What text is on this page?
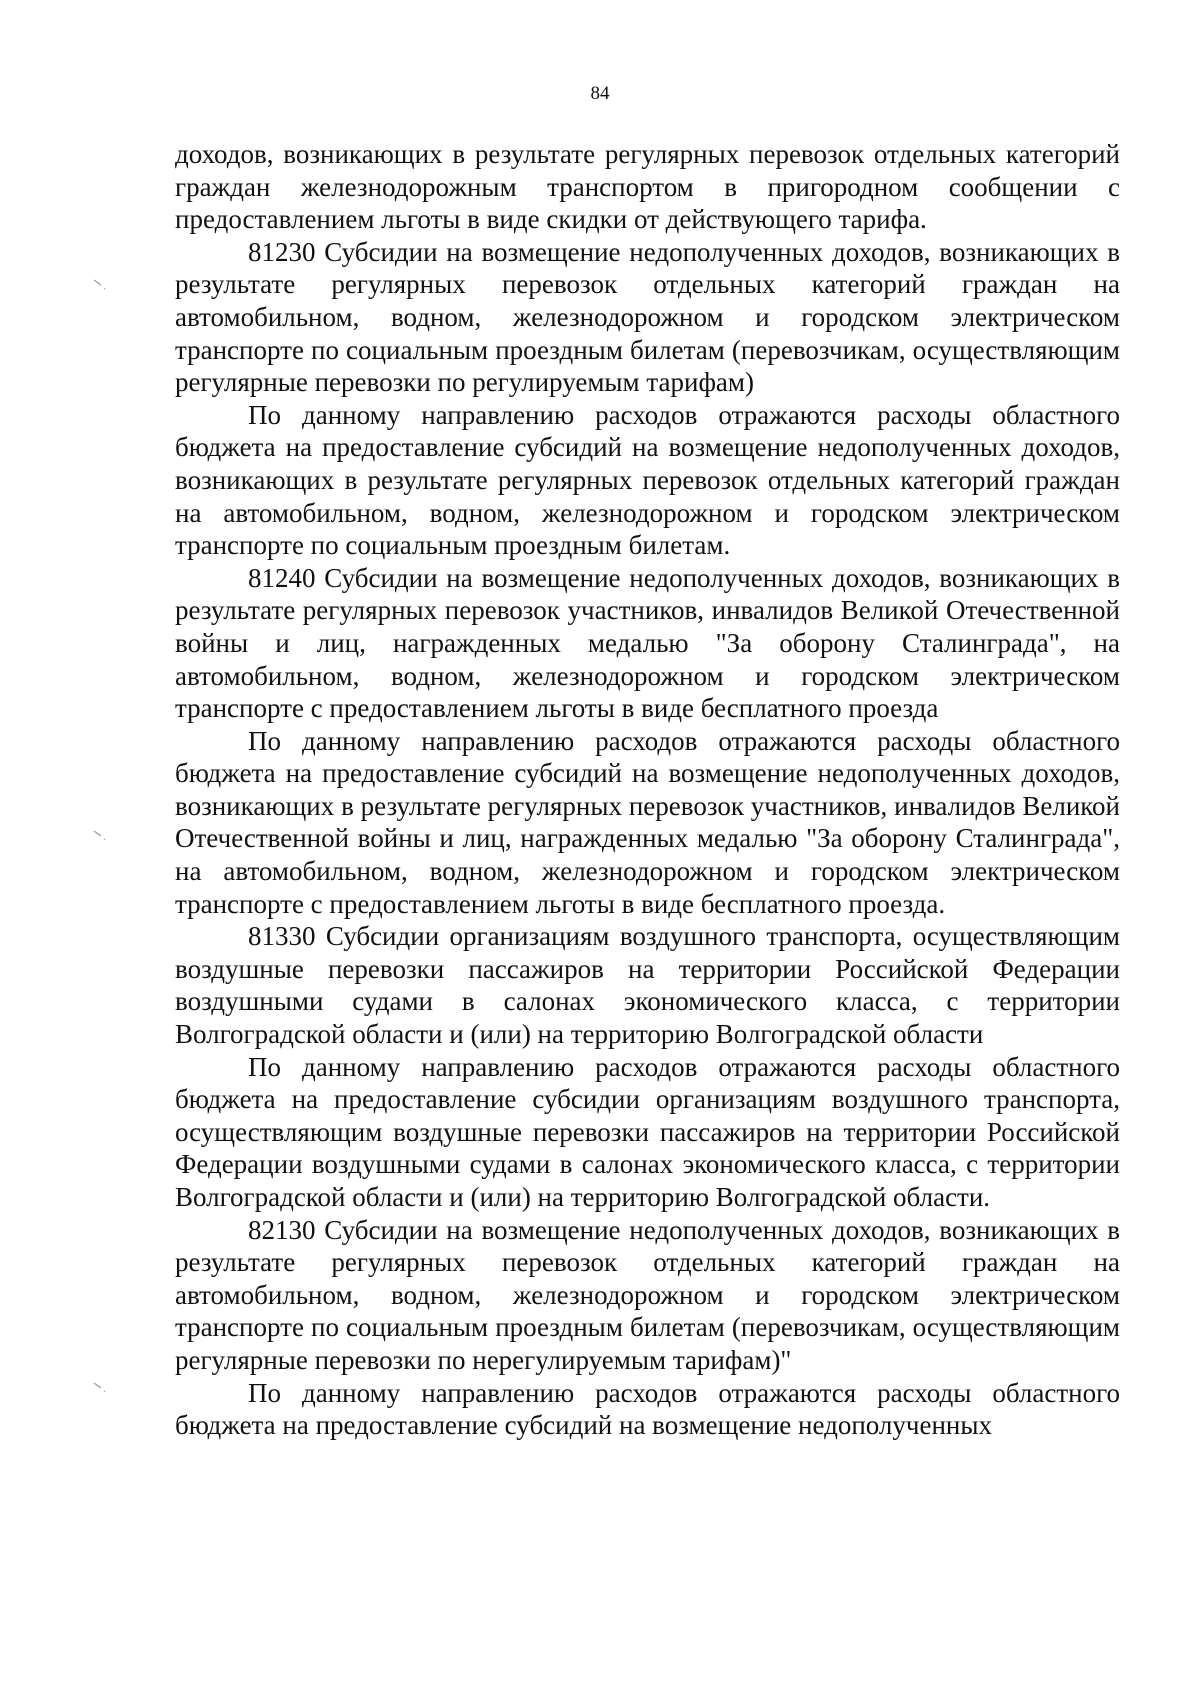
84

доходов, возникающих в результате регулярных перевозок отдельных категорий граждан железнодорожным транспортом в пригородном сообщении с предоставлением льготы в виде скидки от действующего тарифа.

81230 Субсидии на возмещение недополученных доходов, возникающих в результате регулярных перевозок отдельных категорий граждан на автомобильном, водном, железнодорожном и городском электрическом транспорте по социальным проездным билетам (перевозчикам, осуществляющим регулярные перевозки по регулируемым тарифам)

По данному направлению расходов отражаются расходы областного бюджета на предоставление субсидий на возмещение недополученных доходов, возникающих в результате регулярных перевозок отдельных категорий граждан на автомобильном, водном, железнодорожном и городском электрическом транспорте по социальным проездным билетам.

81240 Субсидии на возмещение недополученных доходов, возникающих в результате регулярных перевозок участников, инвалидов Великой Отечественной войны и лиц, награжденных медалью "За оборону Сталинграда", на автомобильном, водном, железнодорожном и городском электрическом транспорте с предоставлением льготы в виде бесплатного проезда

По данному направлению расходов отражаются расходы областного бюджета на предоставление субсидий на возмещение недополученных доходов, возникающих в результате регулярных перевозок участников, инвалидов Великой Отечественной войны и лиц, награжденных медалью "За оборону Сталинграда", на автомобильном, водном, железнодорожном и городском электрическом транспорте с предоставлением льготы в виде бесплатного проезда.

81330 Субсидии организациям воздушного транспорта, осуществляющим воздушные перевозки пассажиров на территории Российской Федерации воздушными судами в салонах экономического класса, с территории Волгоградской области и (или) на территорию Волгоградской области

По данному направлению расходов отражаются расходы областного бюджета на предоставление субсидии организациям воздушного транспорта, осуществляющим воздушные перевозки пассажиров на территории Российской Федерации воздушными судами в салонах экономического класса, с территории Волгоградской области и (или) на территорию Волгоградской области.

82130 Субсидии на возмещение недополученных доходов, возникающих в результате регулярных перевозок отдельных категорий граждан на автомобильном, водном, железнодорожном и городском электрическом транспорте по социальным проездным билетам (перевозчикам, осуществляющим регулярные перевозки по нерегулируемым тарифам)"

По данному направлению расходов отражаются расходы областного бюджета на предоставление субсидий на возмещение недополученных
